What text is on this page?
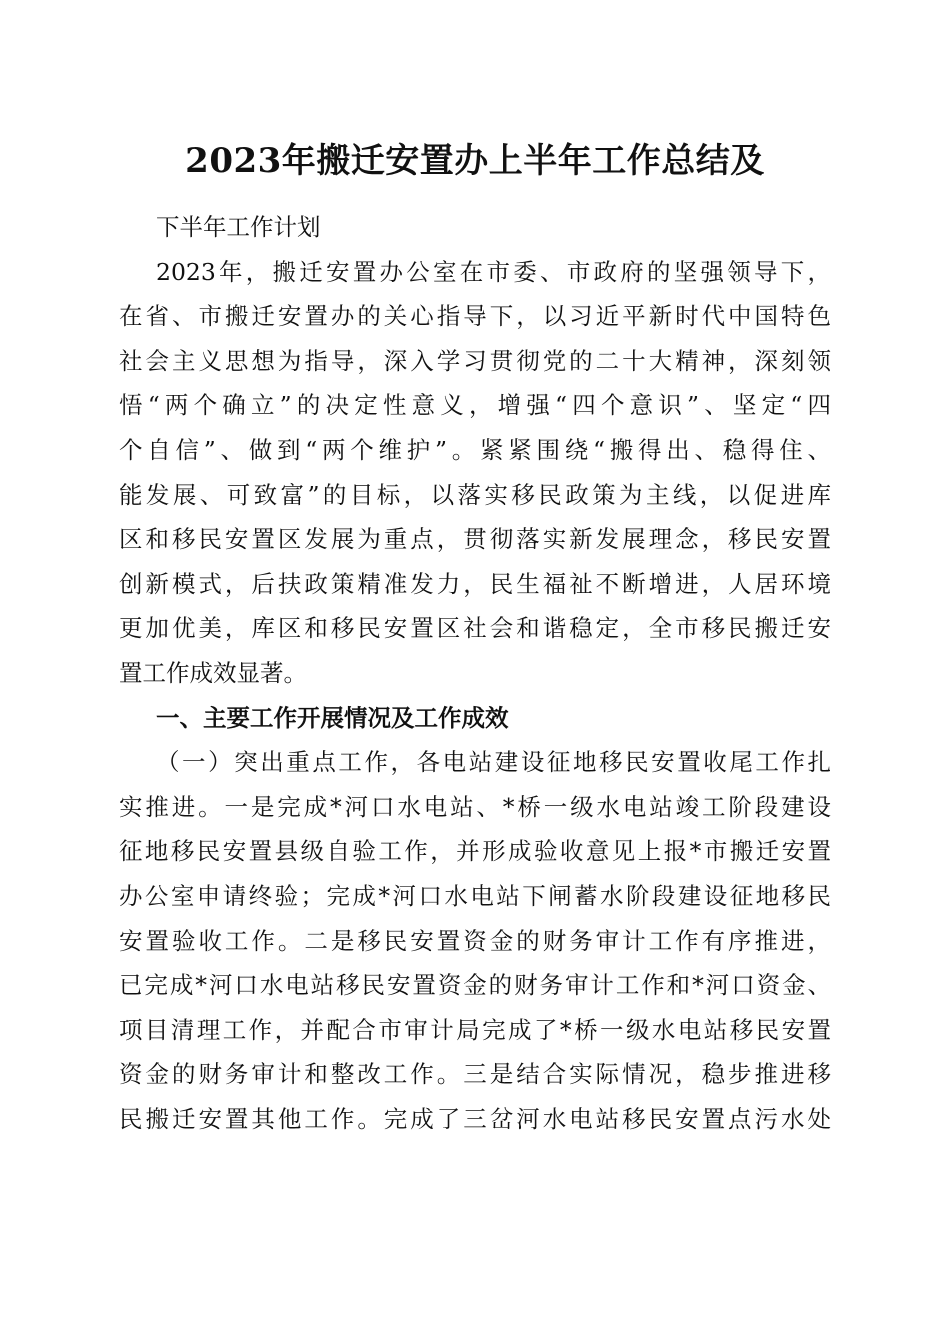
2023年搬迁安置办上半年工作总结及
下半年工作计划
2023年，搬迁安置办公室在市委、市政府的坚强领导下，
在省、市搬迁安置办的关心指导下，以习近平新时代中国特色
社会主义思想为指导，深入学习贯彻党的二十大精神，深刻领
悟“两个确立”的决定性意义，增强“四个意识”、坚定“四
个自信”、做到“两个维护”。紧紧围绕“搬得出、稳得住、
能发展、可致富”的目标，以落实移民政策为主线，以促进库
区和移民安置区发展为重点，贯彻落实新发展理念，移民安置
创新模式，后扶政策精准发力，民生福祉不断增进，人居环境
更加优美，库区和移民安置区社会和谐稳定，全市移民搬迁安
置工作成效显著。
一、主要工作开展情况及工作成效
（一）突出重点工作，各电站建设征地移民安置收尾工作扎
实推进。一是完成*河口水电站、*桥一级水电站竣工阶段建设
征地移民安置县级自验工作，并形成验收意见上报*市搬迁安置
办公室申请终验；完成*河口水电站下闸蓄水阶段建设征地移民
安置验收工作。二是移民安置资金的财务审计工作有序推进，
已完成*河口水电站移民安置资金的财务审计工作和*河口资金、
项目清理工作，并配合市审计局完成了*桥一级水电站移民安置
资金的财务审计和整改工作。三是结合实际情况，稳步推进移
民搬迁安置其他工作。完成了三岔河水电站移民安置点污水处
